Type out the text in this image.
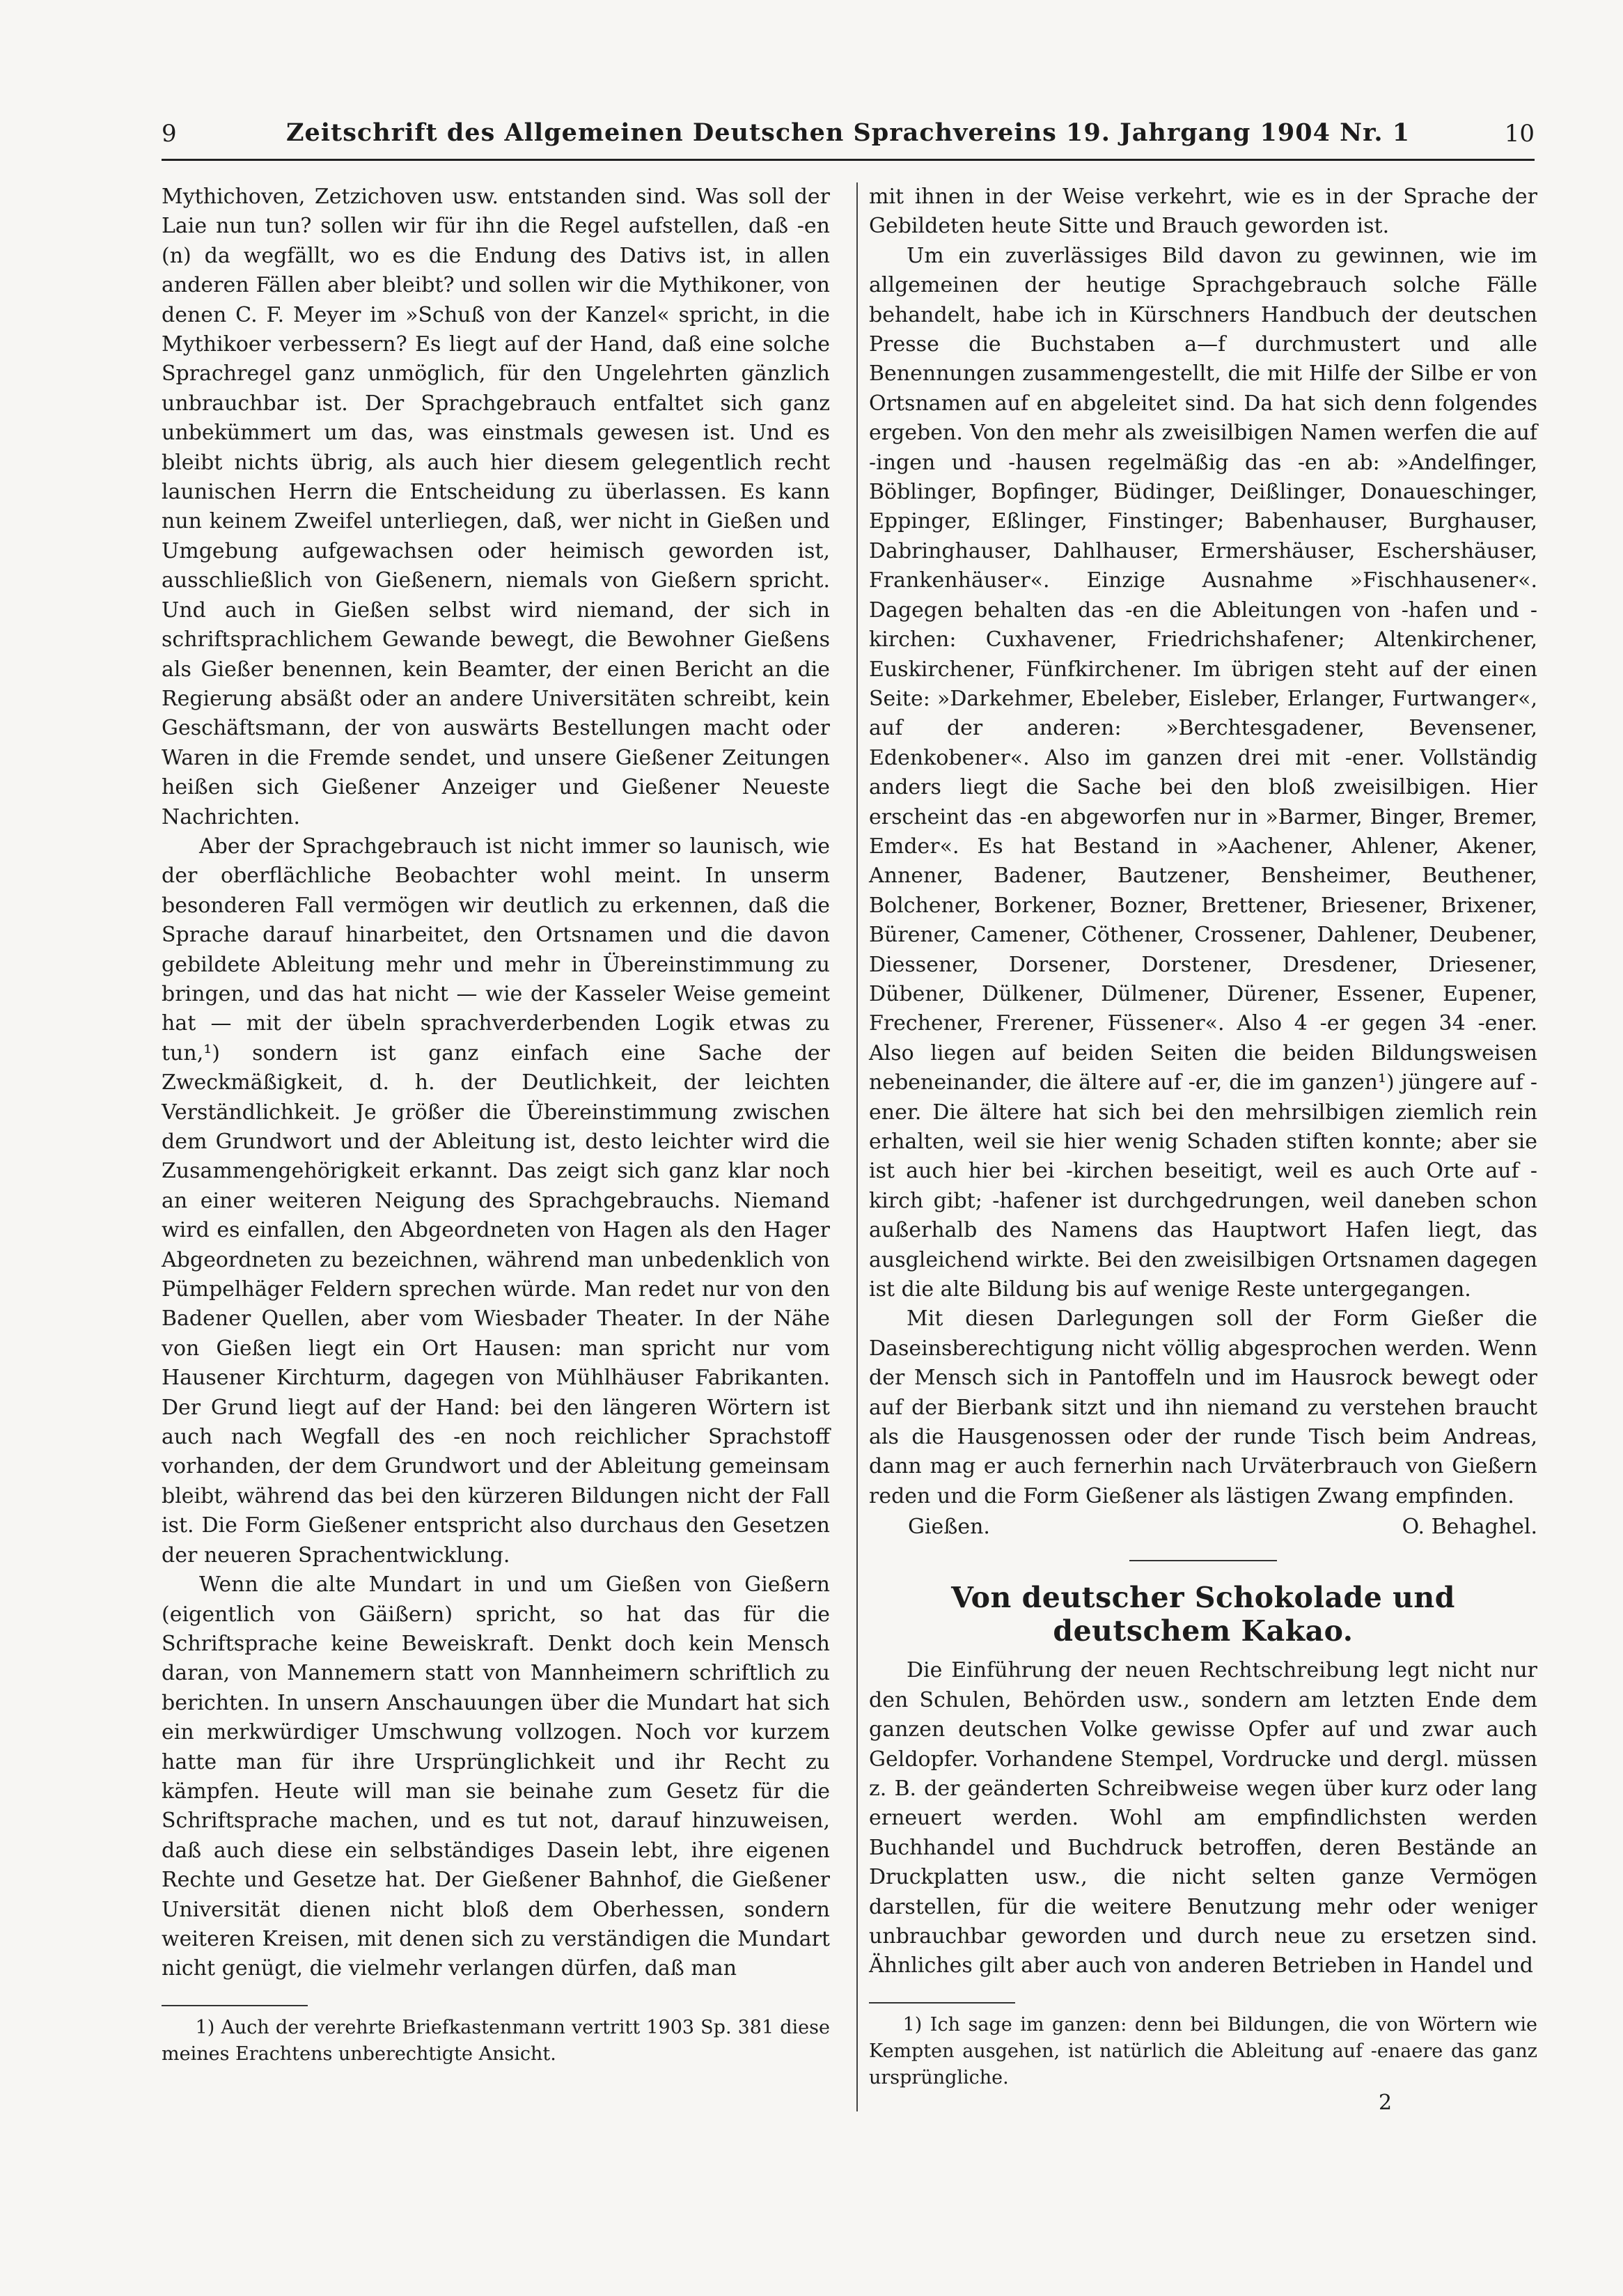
9	Zeitschrift des Allgemeinen Deutschen Sprachvereins 19. Jahrgang 1904 Nr. 1	10

Mythichoven, Zetzichoven usw. entstanden sind. Was soll der Laie nun tun? sollen wir für ihn die Regel aufstellen, daß -en (n) da wegfällt, wo es die Endung des Dativs ist, in allen anderen Fällen aber bleibt? und sollen wir die Mythikoner, von denen C. F. Meyer im »Schuß von der Kanzel« spricht, in die Mythikoer verbessern? Es liegt auf der Hand, daß eine solche Sprachregel ganz unmöglich, für den Ungelehrten gänzlich unbrauchbar ist. Der Sprachgebrauch entfaltet sich ganz unbekümmert um das, was einstmals gewesen ist. Und es bleibt nichts übrig, als auch hier diesem gelegentlich recht launischen Herrn die Entscheidung zu überlassen. Es kann nun keinem Zweifel unterliegen, daß, wer nicht in Gießen und Umgebung aufgewachsen oder heimisch geworden ist, ausschließlich von Gießenern, niemals von Gießern spricht. Und auch in Gießen selbst wird niemand, der sich in schriftsprachlichem Gewande bewegt, die Bewohner Gießens als Gießer benennen, kein Beamter, der einen Bericht an die Regierung absäßt oder an andere Universitäten schreibt, kein Geschäftsmann, der von auswärts Bestellungen macht oder Waren in die Fremde sendet, und unsere Gießener Zeitungen heißen sich Gießener Anzeiger und Gießener Neueste Nachrichten.

Aber der Sprachgebrauch ist nicht immer so launisch, wie der oberflächliche Beobachter wohl meint. In unserm besonderen Fall vermögen wir deutlich zu erkennen, daß die Sprache darauf hinarbeitet, den Ortsnamen und die davon gebildete Ableitung mehr und mehr in Übereinstimmung zu bringen, und das hat nicht — wie der Kasseler Weise gemeint hat — mit der übeln sprachverderbenden Logik etwas zu tun,¹) sondern ist ganz einfach eine Sache der Zweckmäßigkeit, d. h. der Deutlichkeit, der leichten Verständlichkeit. Je größer die Übereinstimmung zwischen dem Grundwort und der Ableitung ist, desto leichter wird die Zusammengehörigkeit erkannt. Das zeigt sich ganz klar noch an einer weiteren Neigung des Sprachgebrauchs. Niemand wird es einfallen, den Abgeordneten von Hagen als den Hager Abgeordneten zu bezeichnen, während man unbedenklich von Pümpelhäger Feldern sprechen würde. Man redet nur von den Badener Quellen, aber vom Wiesbader Theater. In der Nähe von Gießen liegt ein Ort Hausen: man spricht nur vom Hausener Kirchturm, dagegen von Mühlhäuser Fabrikanten. Der Grund liegt auf der Hand: bei den längeren Wörtern ist auch nach Wegfall des -en noch reichlicher Sprachstoff vorhanden, der dem Grundwort und der Ableitung gemeinsam bleibt, während das bei den kürzeren Bildungen nicht der Fall ist. Die Form Gießener entspricht also durchaus den Gesetzen der neueren Sprachentwicklung.

Wenn die alte Mundart in und um Gießen von Gießern (eigentlich von Gäißern) spricht, so hat das für die Schriftsprache keine Beweiskraft. Denkt doch kein Mensch daran, von Mannemern statt von Mannheimern schriftlich zu berichten. In unsern Anschauungen über die Mundart hat sich ein merkwürdiger Umschwung vollzogen. Noch vor kurzem hatte man für ihre Ursprünglichkeit und ihr Recht zu kämpfen. Heute will man sie beinahe zum Gesetz für die Schriftsprache machen, und es tut not, darauf hinzuweisen, daß auch diese ein selbständiges Dasein lebt, ihre eigenen Rechte und Gesetze hat. Der Gießener Bahnhof, die Gießener Universität dienen nicht bloß dem Oberhessen, sondern weiteren Kreisen, mit denen sich zu verständigen die Mundart nicht genügt, die vielmehr verlangen dürfen, daß man

1) Auch der verehrte Briefkastenmann vertritt 1903 Sp. 381 diese meines Erachtens unberechtigte Ansicht.

mit ihnen in der Weise verkehrt, wie es in der Sprache der Gebildeten heute Sitte und Brauch geworden ist.

Um ein zuverlässiges Bild davon zu gewinnen, wie im allgemeinen der heutige Sprachgebrauch solche Fälle behandelt, habe ich in Kürschners Handbuch der deutschen Presse die Buchstaben a—f durchmustert und alle Benennungen zusammengestellt, die mit Hilfe der Silbe er von Ortsnamen auf en abgeleitet sind. Da hat sich denn folgendes ergeben. Von den mehr als zweisilbigen Namen werfen die auf -ingen und -hausen regelmäßig das -en ab: »Andelfinger, Böblinger, Bopfinger, Büdinger, Deißlinger, Donaueschinger, Eppinger, Eßlinger, Finstinger; Babenhauser, Burghauser, Dabringhauser, Dahlhauser, Ermershäuser, Eschershäuser, Frankenhäuser«. Einzige Ausnahme »Fischhausener«. Dagegen behalten das -en die Ableitungen von -hafen und -kirchen: Cuxhavener, Friedrichshafener; Altenkirchener, Euskirchener, Fünfkirchener. Im übrigen steht auf der einen Seite: »Darkehmer, Ebeleber, Eisleber, Erlanger, Furtwanger«, auf der anderen: »Berchtesgadener, Bevensener, Edenkobener«. Also im ganzen drei mit -ener. Vollständig anders liegt die Sache bei den bloß zweisilbigen. Hier erscheint das -en abgeworfen nur in »Barmer, Binger, Bremer, Emder«. Es hat Bestand in »Aachener, Ahlener, Akener, Annener, Badener, Bautzener, Bensheimer, Beuthener, Bolchener, Borkener, Bozner, Brettener, Briesener, Brixener, Bürener, Camener, Cöthener, Crossener, Dahlener, Deubener, Diessener, Dorsener, Dorstener, Dresdener, Driesener, Dübener, Dülkener, Dülmener, Dürener, Essener, Eupener, Frechener, Frerener, Füssener«. Also 4 -er gegen 34 -ener. Also liegen auf beiden Seiten die beiden Bildungsweisen nebeneinander, die ältere auf -er, die im ganzen¹) jüngere auf -ener. Die ältere hat sich bei den mehrsilbigen ziemlich rein erhalten, weil sie hier wenig Schaden stiften konnte; aber sie ist auch hier bei -kirchen beseitigt, weil es auch Orte auf -kirch gibt; -hafener ist durchgedrungen, weil daneben schon außerhalb des Namens das Hauptwort Hafen liegt, das ausgleichend wirkte. Bei den zweisilbigen Ortsnamen dagegen ist die alte Bildung bis auf wenige Reste untergegangen.

Mit diesen Darlegungen soll der Form Gießer die Daseinsberechtigung nicht völlig abgesprochen werden. Wenn der Mensch sich in Pantoffeln und im Hausrock bewegt oder auf der Bierbank sitzt und ihn niemand zu verstehen braucht als die Hausgenossen oder der runde Tisch beim Andreas, dann mag er auch fernerhin nach Urväterbrauch von Gießern reden und die Form Gießener als lästigen Zwang empfinden.

Gießen.	O. Behaghel.
Von deutscher Schokolade und deutschem Kakao.

Die Einführung der neuen Rechtschreibung legt nicht nur den Schulen, Behörden usw., sondern am letzten Ende dem ganzen deutschen Volke gewisse Opfer auf und zwar auch Geldopfer. Vorhandene Stempel, Vordrucke und dergl. müssen z. B. der geänderten Schreibweise wegen über kurz oder lang erneuert werden. Wohl am empfindlichsten werden Buchhandel und Buchdruck betroffen, deren Bestände an Druckplatten usw., die nicht selten ganze Vermögen darstellen, für die weitere Benutzung mehr oder weniger unbrauchbar geworden und durch neue zu ersetzen sind. Ähnliches gilt aber auch von anderen Betrieben in Handel und

1) Ich sage im ganzen: denn bei Bildungen, die von Wörtern wie Kempten ausgehen, ist natürlich die Ableitung auf -enaere das ganz ursprüngliche.

2
